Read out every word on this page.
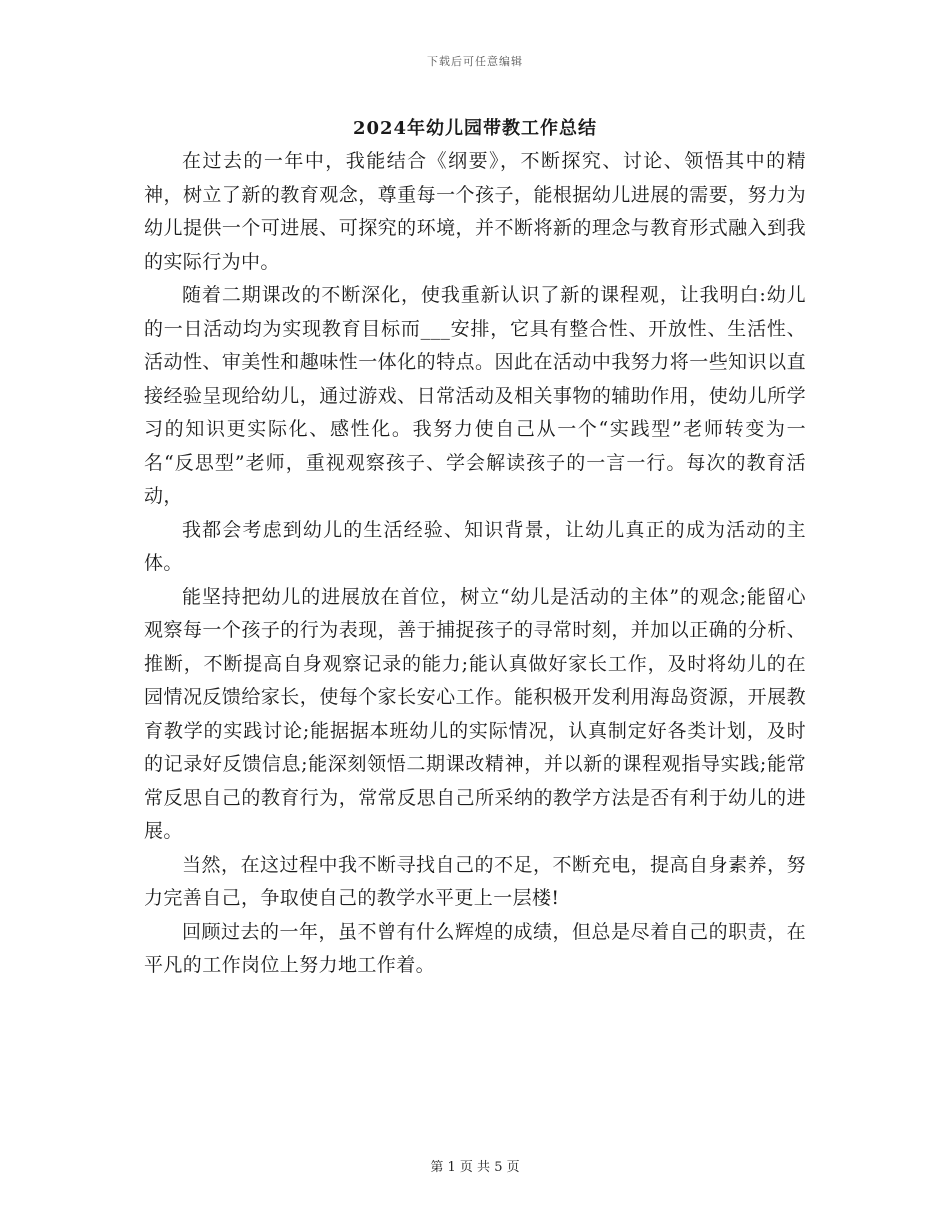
下载后可任意编辑
2024年幼儿园带教工作总结

在过去的一年中，我能结合《纲要》，不断探究、讨论、领悟其中的精神，树立了新的教育观念，尊重每一个孩子，能根据幼儿进展的需要，努力为幼儿提供一个可进展、可探究的环境，并不断将新的理念与教育形式融入到我的实际行为中。

随着二期课改的不断深化，使我重新认识了新的课程观，让我明白:幼儿的一日活动均为实现教育目标而___安排，它具有整合性、开放性、生活性、活动性、审美性和趣味性一体化的特点。因此在活动中我努力将一些知识以直接经验呈现给幼儿，通过游戏、日常活动及相关事物的辅助作用，使幼儿所学习的知识更实际化、感性化。我努力使自己从一个“实践型”老师转变为一名“反思型”老师，重视观察孩子、学会解读孩子的一言一行。每次的教育活动，

我都会考虑到幼儿的生活经验、知识背景，让幼儿真正的成为活动的主体。

能坚持把幼儿的进展放在首位，树立“幼儿是活动的主体”的观念;能留心观察每一个孩子的行为表现，善于捕捉孩子的寻常时刻，并加以正确的分析、推断，不断提高自身观察记录的能力;能认真做好家长工作，及时将幼儿的在园情况反馈给家长，使每个家长安心工作。能积极开发利用海岛资源，开展教育教学的实践讨论;能据据本班幼儿的实际情况，认真制定好各类计划，及时的记录好反馈信息;能深刻领悟二期课改精神，并以新的课程观指导实践;能常常反思自己的教育行为，常常反思自己所采纳的教学方法是否有利于幼儿的进展。

当然，在这过程中我不断寻找自己的不足，不断充电，提高自身素养，努力完善自己，争取使自己的教学水平更上一层楼!

回顾过去的一年，虽不曾有什么辉煌的成绩，但总是尽着自己的职责，在平凡的工作岗位上努力地工作着。

第 1 页 共 5 页
